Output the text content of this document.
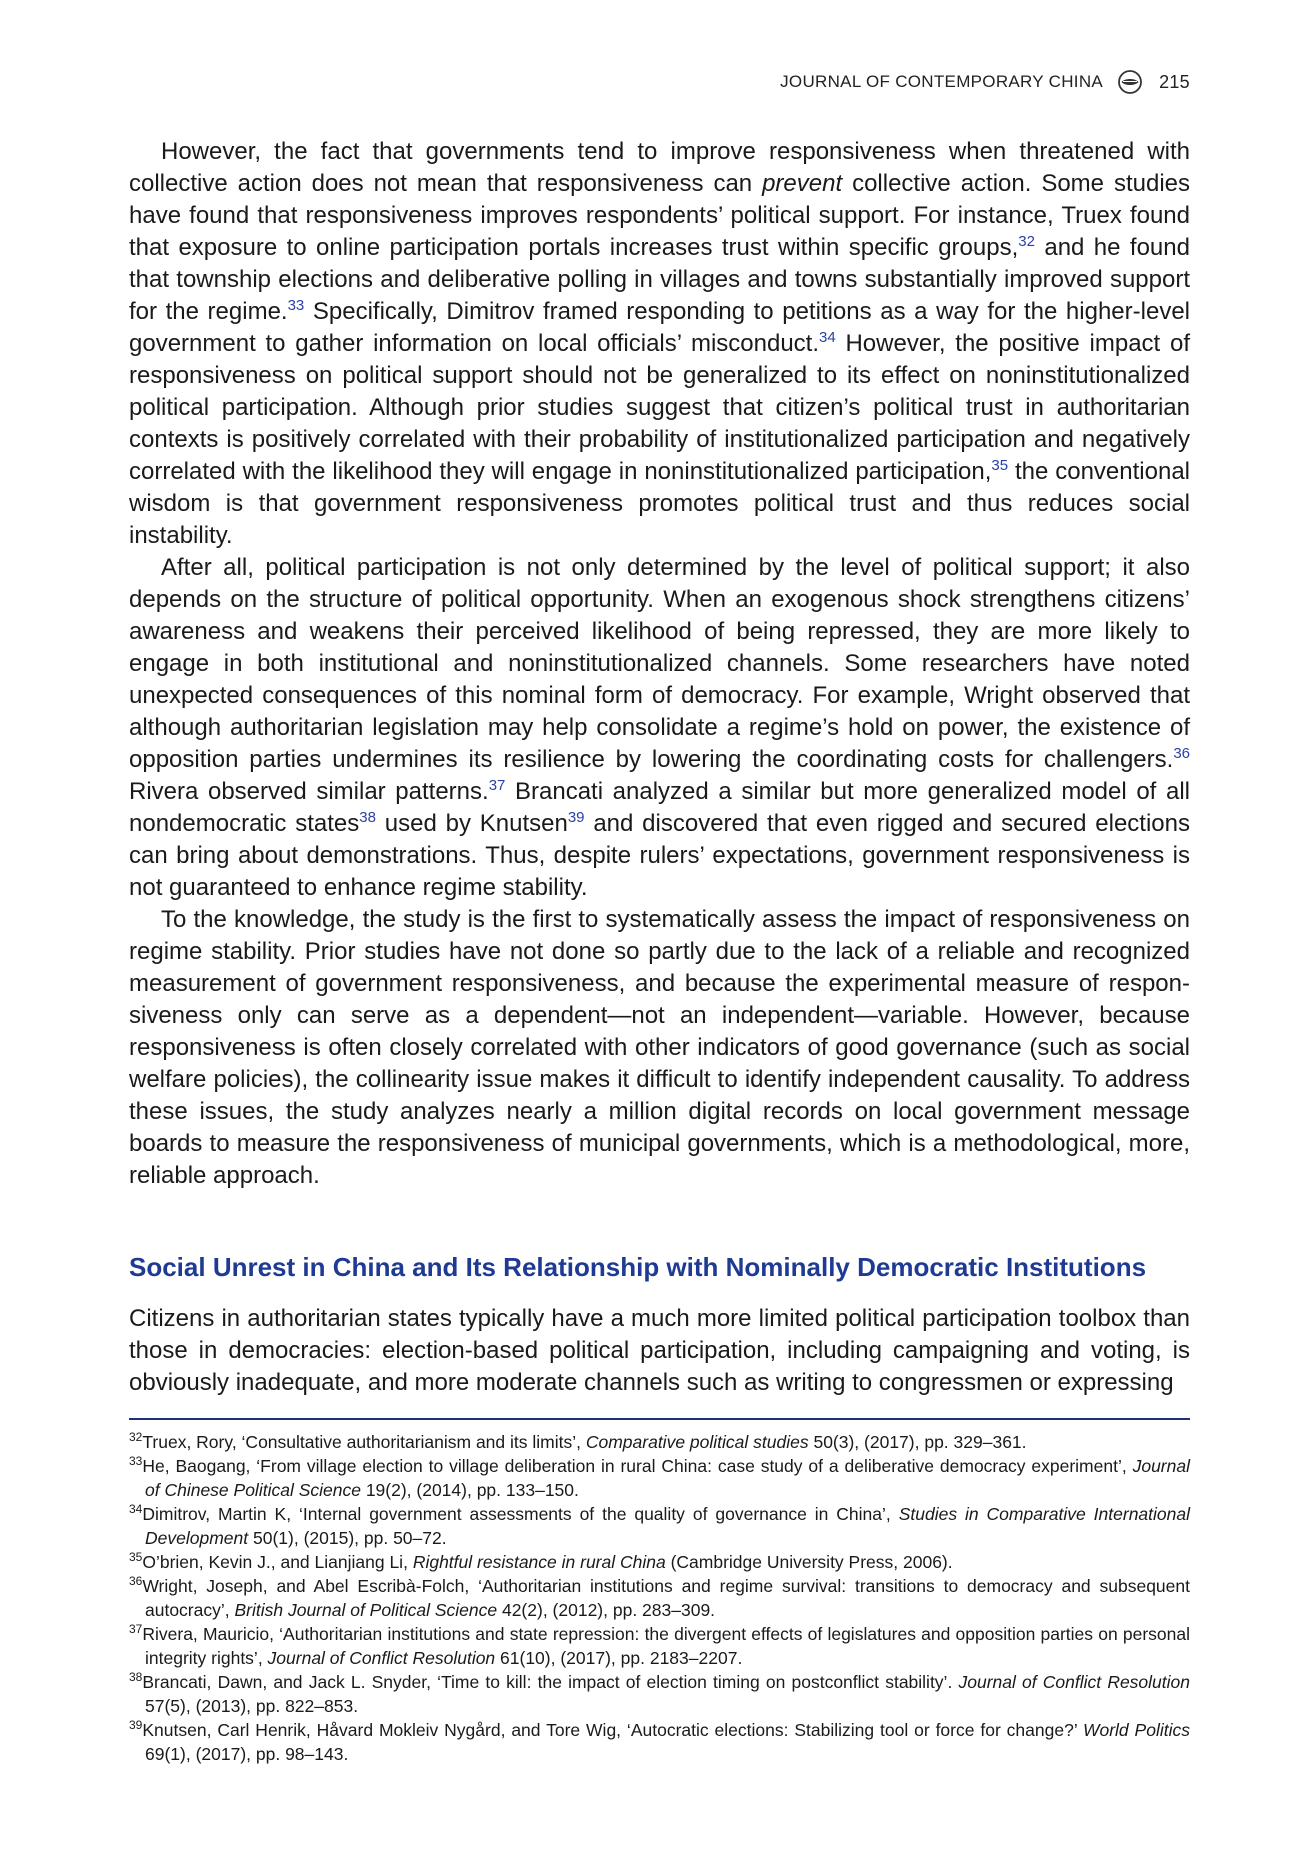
JOURNAL OF CONTEMPORARY CHINA	215

However, the fact that governments tend to improve responsiveness when threatened with collective action does not mean that responsiveness can prevent collective action. Some studies have found that responsiveness improves respondents’ political support. For instance, Truex found that exposure to online participation portals increases trust within specific groups,$^{32}$ and he found that township elections and deliberative polling in villages and towns substantially improved support for the regime.$^{33}$ Specifically, Dimitrov framed responding to petitions as a way for the higher-level government to gather information on local officials’ misconduct.$^{34}$ However, the positive impact of responsiveness on political support should not be generalized to its effect on noninstitutionalized political participation. Although prior studies suggest that citizen’s political trust in authoritarian contexts is positively correlated with their probability of institutionalized participation and negatively correlated with the likelihood they will engage in noninstitutionalized participation,$^{35}$ the conventional wisdom is that government responsiveness promotes political trust and thus reduces social instability.

After all, political participation is not only determined by the level of political support; it also depends on the structure of political opportunity. When an exogenous shock strengthens citizens’ awareness and weakens their perceived likelihood of being repressed, they are more likely to engage in both institutional and noninstitutionalized channels. Some researchers have noted unexpected consequences of this nominal form of democracy. For example, Wright observed that although authoritarian legislation may help consolidate a regime’s hold on power, the existence of opposition parties undermines its resilience by lowering the coordinating costs for challengers.$^{36}$ Rivera observed similar patterns.$^{37}$ Brancati analyzed a similar but more generalized model of all nondemocratic states$^{38}$ used by Knutsen$^{39}$ and discovered that even rigged and secured elections can bring about demonstrations. Thus, despite rulers’ expectations, government responsiveness is not guaranteed to enhance regime stability.

To the knowledge, the study is the first to systematically assess the impact of responsiveness on regime stability. Prior studies have not done so partly due to the lack of a reliable and recognized measurement of government responsiveness, and because the experimental measure of responsiveness only can serve as a dependent—not an independent—variable. However, because responsiveness is often closely correlated with other indicators of good governance (such as social welfare policies), the collinearity issue makes it difficult to identify independent causality. To address these issues, the study analyzes nearly a million digital records on local government message boards to measure the responsiveness of municipal governments, which is a methodological, more, reliable approach.

Social Unrest in China and Its Relationship with Nominally Democratic Institutions

Citizens in authoritarian states typically have a much more limited political participation toolbox than those in democracies: election-based political participation, including campaigning and voting, is obviously inadequate, and more moderate channels such as writing to congressmen or expressing

$^{32}$Truex, Rory, ‘Consultative authoritarianism and its limits’, Comparative political studies 50(3), (2017), pp. 329–361.

$^{33}$He, Baogang, ‘From village election to village deliberation in rural China: case study of a deliberative democracy experiment’, Journal of Chinese Political Science 19(2), (2014), pp. 133–150.

$^{34}$Dimitrov, Martin K, ‘Internal government assessments of the quality of governance in China’, Studies in Comparative International Development 50(1), (2015), pp. 50–72.

$^{35}$O’brien, Kevin J., and Lianjiang Li, Rightful resistance in rural China (Cambridge University Press, 2006).

$^{36}$Wright, Joseph, and Abel Escribà-Folch, ‘Authoritarian institutions and regime survival: transitions to democracy and subsequent autocracy’, British Journal of Political Science 42(2), (2012), pp. 283–309.

$^{37}$Rivera, Mauricio, ‘Authoritarian institutions and state repression: the divergent effects of legislatures and opposition parties on personal integrity rights’, Journal of Conflict Resolution 61(10), (2017), pp. 2183–2207.

$^{38}$Brancati, Dawn, and Jack L. Snyder, ‘Time to kill: the impact of election timing on postconflict stability’. Journal of Conflict Resolution 57(5), (2013), pp. 822–853.

$^{39}$Knutsen, Carl Henrik, Håvard Mokleiv Nygård, and Tore Wig, ‘Autocratic elections: Stabilizing tool or force for change?’ World Politics 69(1), (2017), pp. 98–143.
